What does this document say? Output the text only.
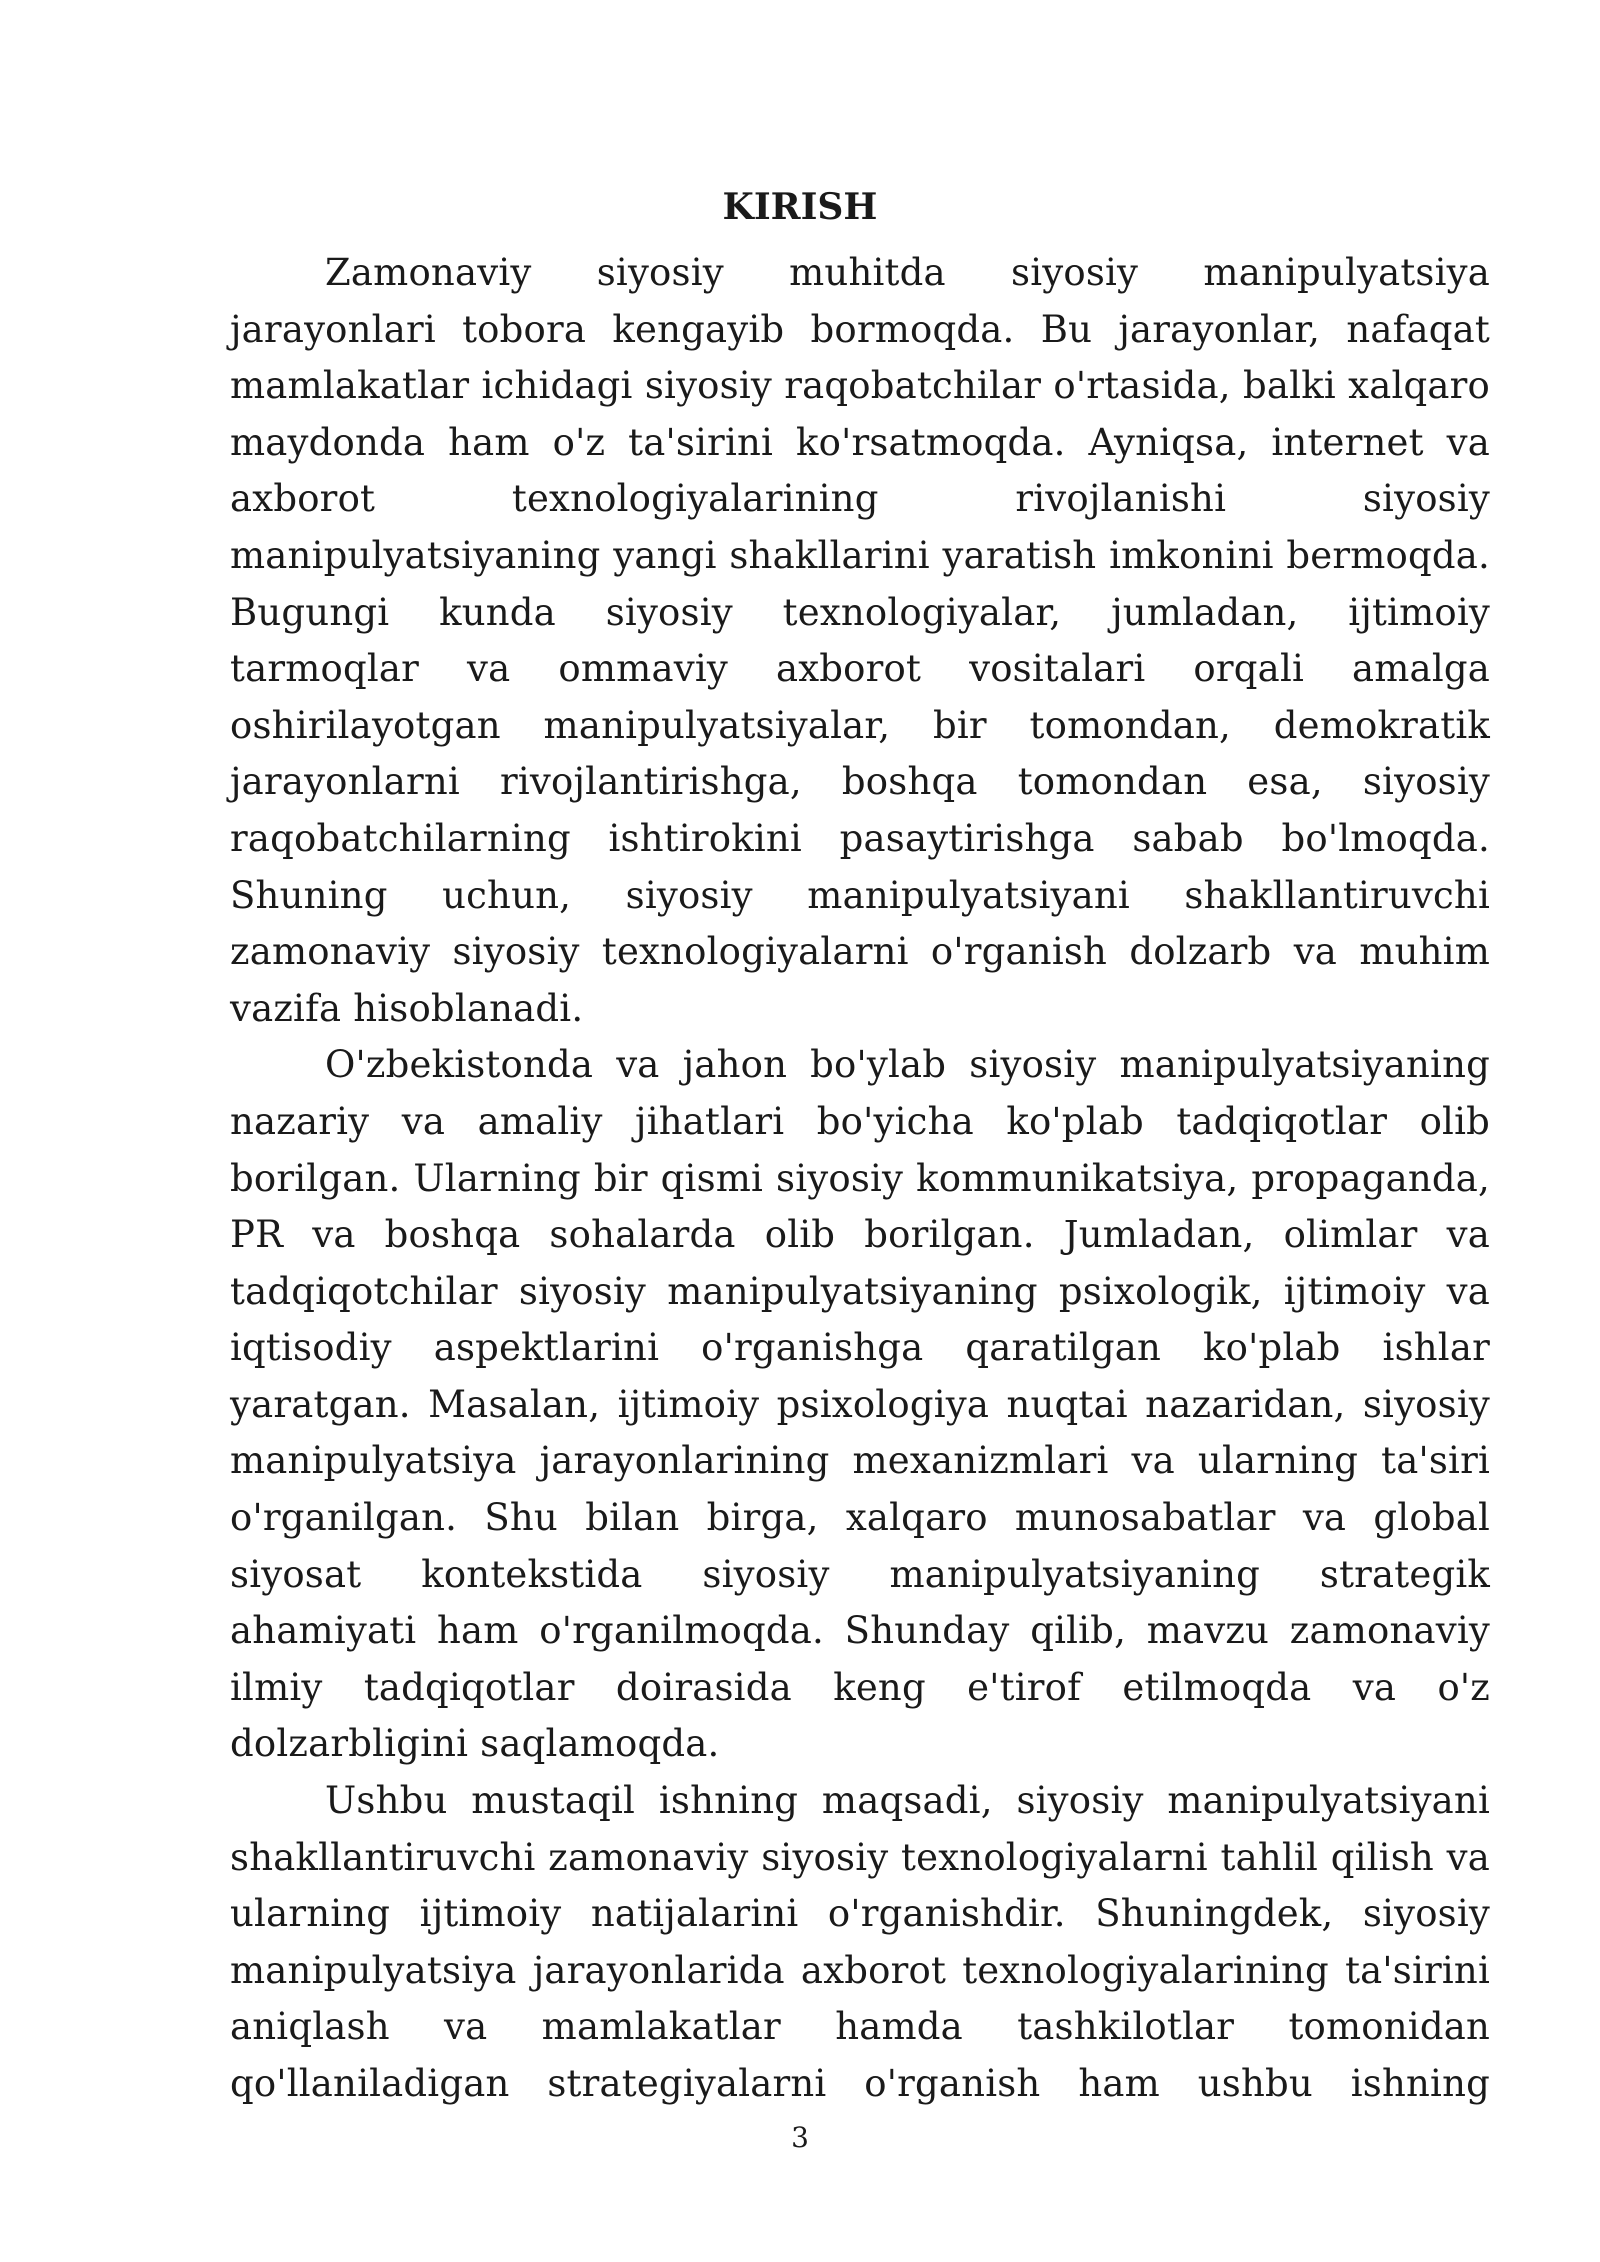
KIRISH

Zamonaviy siyosiy muhitda siyosiy manipulyatsiya jarayonlari tobora kengayib bormoqda. Bu jarayonlar, nafaqat mamlakatlar ichidagi siyosiy raqobatchilar o'rtasida, balki xalqaro maydonda ham o'z ta'sirini ko'rsatmoqda. Ayniqsa, internet va axborot texnologiyalarining rivojlanishi siyosiy manipulyatsiyaning yangi shakllarini yaratish imkonini bermoqda. Bugungi kunda siyosiy texnologiyalar, jumladan, ijtimoiy tarmoqlar va ommaviy axborot vositalari orqali amalga oshirilayotgan manipulyatsiyalar, bir tomondan, demokratik jarayonlarni rivojlantirishga, boshqa tomondan esa, siyosiy raqobatchilarning ishtirokini pasaytirishga sabab bo'lmoqda. Shuning uchun, siyosiy manipulyatsiyani shakllantiruvchi zamonaviy siyosiy texnologiyalarni o'rganish dolzarb va muhim vazifa hisoblanadi.

O'zbekistonda va jahon bo'ylab siyosiy manipulyatsiyaning nazariy va amaliy jihatlari bo'yicha ko'plab tadqiqotlar olib borilgan. Ularning bir qismi siyosiy kommunikatsiya, propaganda, PR va boshqa sohalarda olib borilgan. Jumladan, olimlar va tadqiqotchilar siyosiy manipulyatsiyaning psixologik, ijtimoiy va iqtisodiy aspektlarini o'rganishga qaratilgan ko'plab ishlar yaratgan. Masalan, ijtimoiy psixologiya nuqtai nazaridan, siyosiy manipulyatsiya jarayonlarining mexanizmlari va ularning ta'siri o'rganilgan. Shu bilan birga, xalqaro munosabatlar va global siyosat kontekstida siyosiy manipulyatsiyaning strategik ahamiyati ham o'rganilmoqda. Shunday qilib, mavzu zamonaviy ilmiy tadqiqotlar doirasida keng e'tirof etilmoqda va o'z dolzarbligini saqlamoqda.

Ushbu mustaqil ishning maqsadi, siyosiy manipulyatsiyani shakllantiruvchi zamonaviy siyosiy texnologiyalarni tahlil qilish va ularning ijtimoiy natijalarini o'rganishdir. Shuningdek, siyosiy manipulyatsiya jarayonlarida axborot texnologiyalarining ta'sirini aniqlash va mamlakatlar hamda tashkilotlar tomonidan qo'llaniladigan strategiyalarni o'rganish ham ushbu ishning

3
